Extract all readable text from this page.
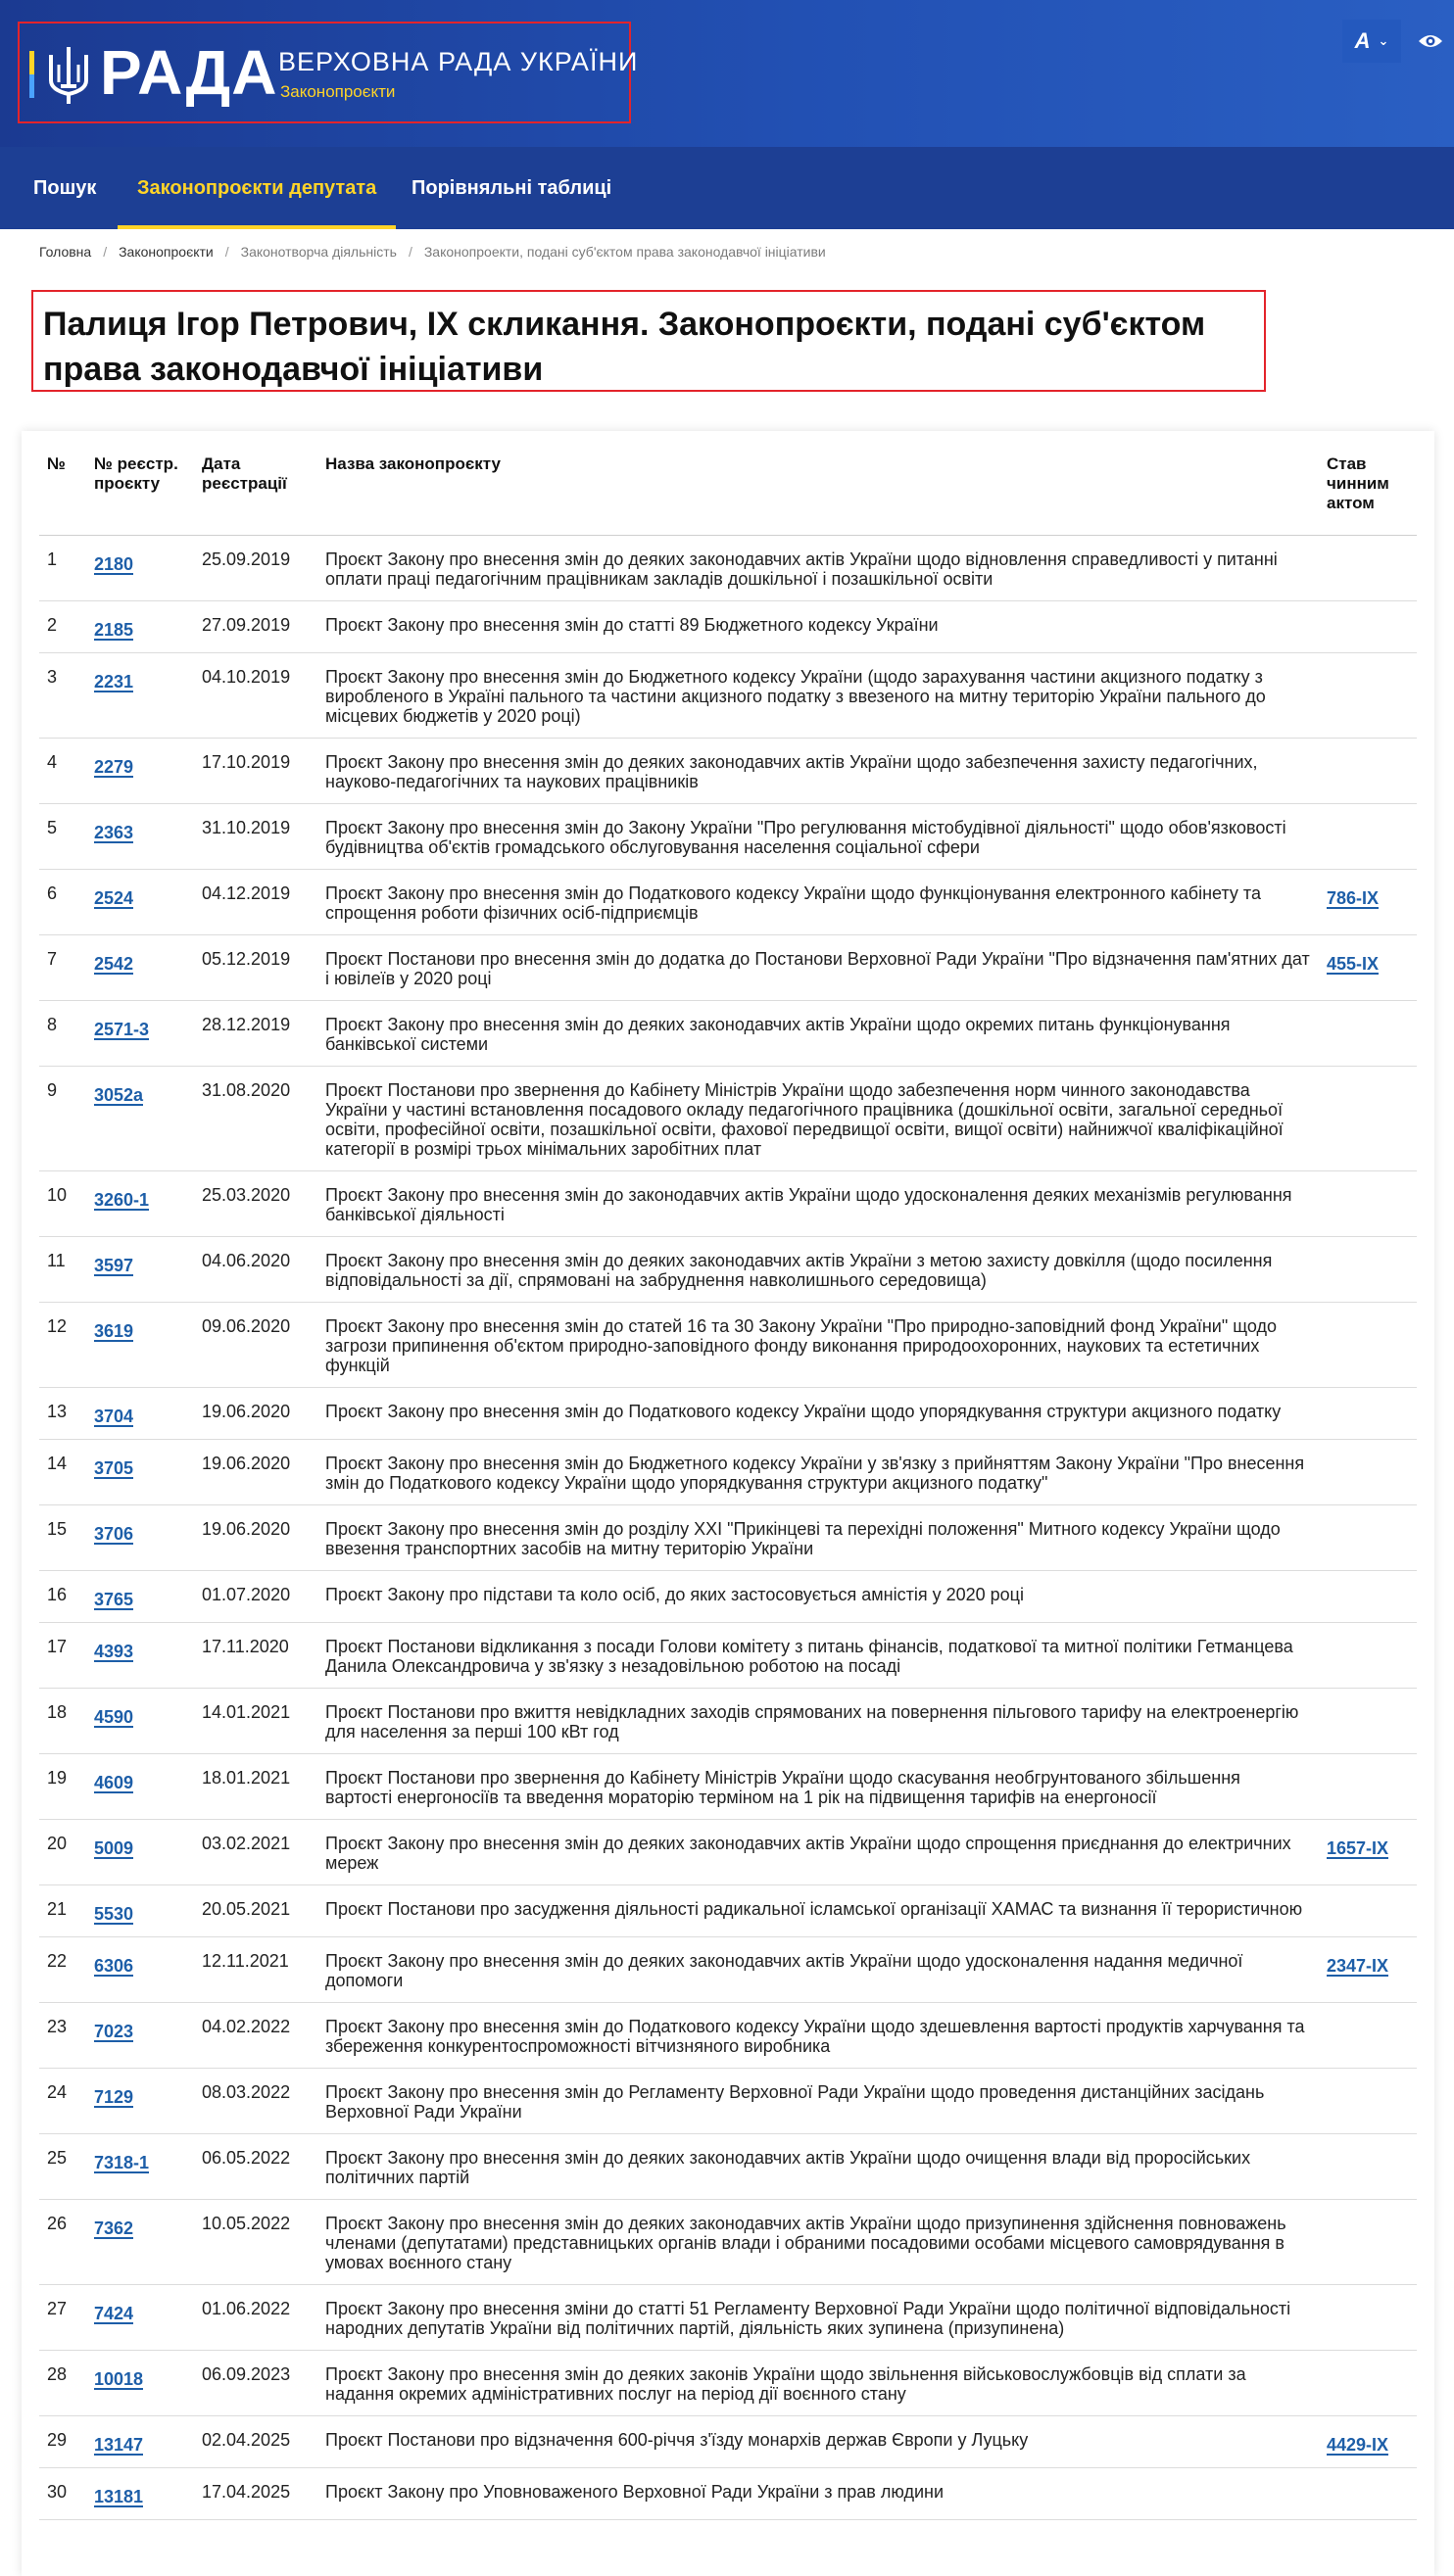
РАДА ВЕРХОВНА РАДА УКРАЇНИ
Законопроєкти
A ⌄
Пошук Законопроєкти депутата Порівняльні таблиці
Головна / Законопроєкти / Законотворча діяльність / Законопроекти, подані суб'єктом права законодавчої ініціативи
Палиця Ігор Петрович, IX скликання. Законопроєкти, подані суб'єктом права законодавчої ініціативи
№	№ реєстр. проєкту	Дата реєстрації	Назва законопроєкту	Став чинним актом
1	2180	25.09.2019	Проєкт Закону про внесення змін до деяких законодавчих актів України щодо відновлення справедливості у питанні оплати праці педагогічним працівникам закладів дошкільної і позашкільної освіти	
2	2185	27.09.2019	Проєкт Закону про внесення змін до статті 89 Бюджетного кодексу України	
3	2231	04.10.2019	Проєкт Закону про внесення змін до Бюджетного кодексу України (щодо зарахування частини акцизного податку з виробленого в Україні пального та частини акцизного податку з ввезеного на митну територію України пального до місцевих бюджетів у 2020 році)	
4	2279	17.10.2019	Проєкт Закону про внесення змін до деяких законодавчих актів України щодо забезпечення захисту педагогічних, науково-педагогічних та наукових працівників	
5	2363	31.10.2019	Проєкт Закону про внесення змін до Закону України "Про регулювання містобудівної діяльності" щодо обов'язковості будівництва об'єктів громадського обслуговування населення соціальної сфери	
6	2524	04.12.2019	Проєкт Закону про внесення змін до Податкового кодексу України щодо функціонування електронного кабінету та спрощення роботи фізичних осіб-підприємців	786-IX
7	2542	05.12.2019	Проєкт Постанови про внесення змін до додатка до Постанови Верховної Ради України "Про відзначення пам'ятних дат і ювілеїв у 2020 році	455-IX
8	2571-3	28.12.2019	Проєкт Закону про внесення змін до деяких законодавчих актів України щодо окремих питань функціонування банківської системи	
9	3052а	31.08.2020	Проєкт Постанови про звернення до Кабінету Міністрів України щодо забезпечення норм чинного законодавства України у частині встановлення посадового окладу педагогічного працівника (дошкільної освіти, загальної середньої освіти, професійної освіти, позашкільної освіти, фахової передвищої освіти, вищої освіти) найнижчої кваліфікаційної категорії в розмірі трьох мінімальних заробітних плат	
10	3260-1	25.03.2020	Проєкт Закону про внесення змін до законодавчих актів України щодо удосконалення деяких механізмів регулювання банківської діяльності	
11	3597	04.06.2020	Проєкт Закону про внесення змін до деяких законодавчих актів України з метою захисту довкілля (щодо посилення відповідальності за дії, спрямовані на забруднення навколишнього середовища)	
12	3619	09.06.2020	Проєкт Закону про внесення змін до статей 16 та 30 Закону України "Про природно-заповідний фонд України" щодо загрози припинення об'єктом природно-заповідного фонду виконання природоохоронних, наукових та естетичних функцій	
13	3704	19.06.2020	Проєкт Закону про внесення змін до Податкового кодексу України щодо упорядкування структури акцизного податку	
14	3705	19.06.2020	Проєкт Закону про внесення змін до Бюджетного кодексу України у зв'язку з прийняттям Закону України "Про внесення змін до Податкового кодексу України щодо упорядкування структури акцизного податку"	
15	3706	19.06.2020	Проєкт Закону про внесення змін до розділу XXI "Прикінцеві та перехідні положення" Митного кодексу України щодо ввезення транспортних засобів на митну територію України	
16	3765	01.07.2020	Проєкт Закону про підстави та коло осіб, до яких застосовується амністія у 2020 році	
17	4393	17.11.2020	Проєкт Постанови відкликання з посади Голови комітету з питань фінансів, податкової та митної політики Гетманцева Данила Олександровича у зв'язку з незадовільною роботою на посаді	
18	4590	14.01.2021	Проєкт Постанови про вжиття невідкладних заходів спрямованих на повернення пільгового тарифу на електроенергію для населення за перші 100 кВт год	
19	4609	18.01.2021	Проєкт Постанови про звернення до Кабінету Міністрів України щодо скасування необгрунтованого збільшення вартості енергоносіїв та введення мораторію терміном на 1 рік на підвищення тарифів на енергоносії	
20	5009	03.02.2021	Проєкт Закону про внесення змін до деяких законодавчих актів України щодо спрощення приєднання до електричних мереж	1657-IX
21	5530	20.05.2021	Проєкт Постанови про засудження діяльності радикальної ісламської організації ХАМАС та визнання її терористичною	
22	6306	12.11.2021	Проєкт Закону про внесення змін до деяких законодавчих актів України щодо удосконалення надання медичної допомоги	2347-IX
23	7023	04.02.2022	Проєкт Закону про внесення змін до Податкового кодексу України щодо здешевлення вартості продуктів харчування та збереження конкурентоспроможності вітчизняного виробника	
24	7129	08.03.2022	Проєкт Закону про внесення змін до Регламенту Верховної Ради України щодо проведення дистанційних засідань Верховної Ради України	
25	7318-1	06.05.2022	Проєкт Закону про внесення змін до деяких законодавчих актів України щодо очищення влади від проросійських політичних партій	
26	7362	10.05.2022	Проєкт Закону про внесення змін до деяких законодавчих актів України щодо призупинення здійснення повноважень членами (депутатами) представницьких органів влади і обраними посадовими особами місцевого самоврядування в умовах воєнного стану	
27	7424	01.06.2022	Проєкт Закону про внесення зміни до статті 51 Регламенту Верховної Ради України щодо політичної відповідальності народних депутатів України від політичних партій, діяльність яких зупинена (призупинена)	
28	10018	06.09.2023	Проєкт Закону про внесення змін до деяких законів України щодо звільнення військовослужбовців від сплати за надання окремих адміністративних послуг на період дії воєнного стану	
29	13147	02.04.2025	Проєкт Постанови про відзначення 600-річчя з'їзду монархів держав Європи у Луцьку	4429-IX
30	13181	17.04.2025	Проєкт Закону про Уповноваженого Верховної Ради України з прав людини	
